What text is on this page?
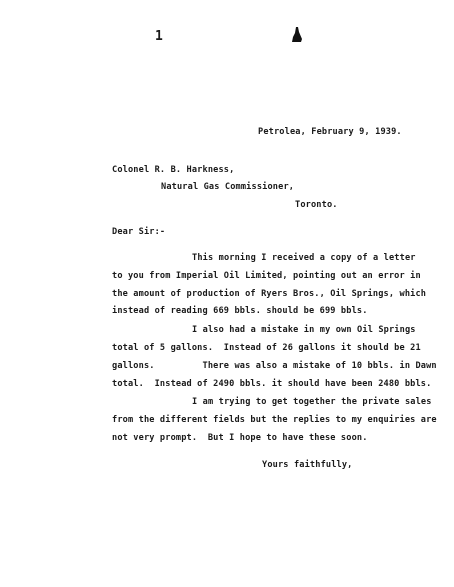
1
Petrolea, February 9, 1939.
Colonel R. B. Harkness,
Natural Gas Commissioner,
Toronto.
Dear Sir:-
This morning I received a copy of a letter
to you from Imperial Oil Limited, pointing out an error in
the amount of production of Ryers Bros., Oil Springs, which
instead of reading 669 bbls. should be 699 bbls.
I also had a mistake in my own Oil Springs
total of 5 gallons.  Instead of 26 gallons it should be 21
gallons.         There was also a mistake of 10 bbls. in Dawn
total.  Instead of 2490 bbls. it should have been 2480 bbls.
I am trying to get together the private sales
from the different fields but the replies to my enquiries are
not very prompt.  But I hope to have these soon.
Yours faithfully,
